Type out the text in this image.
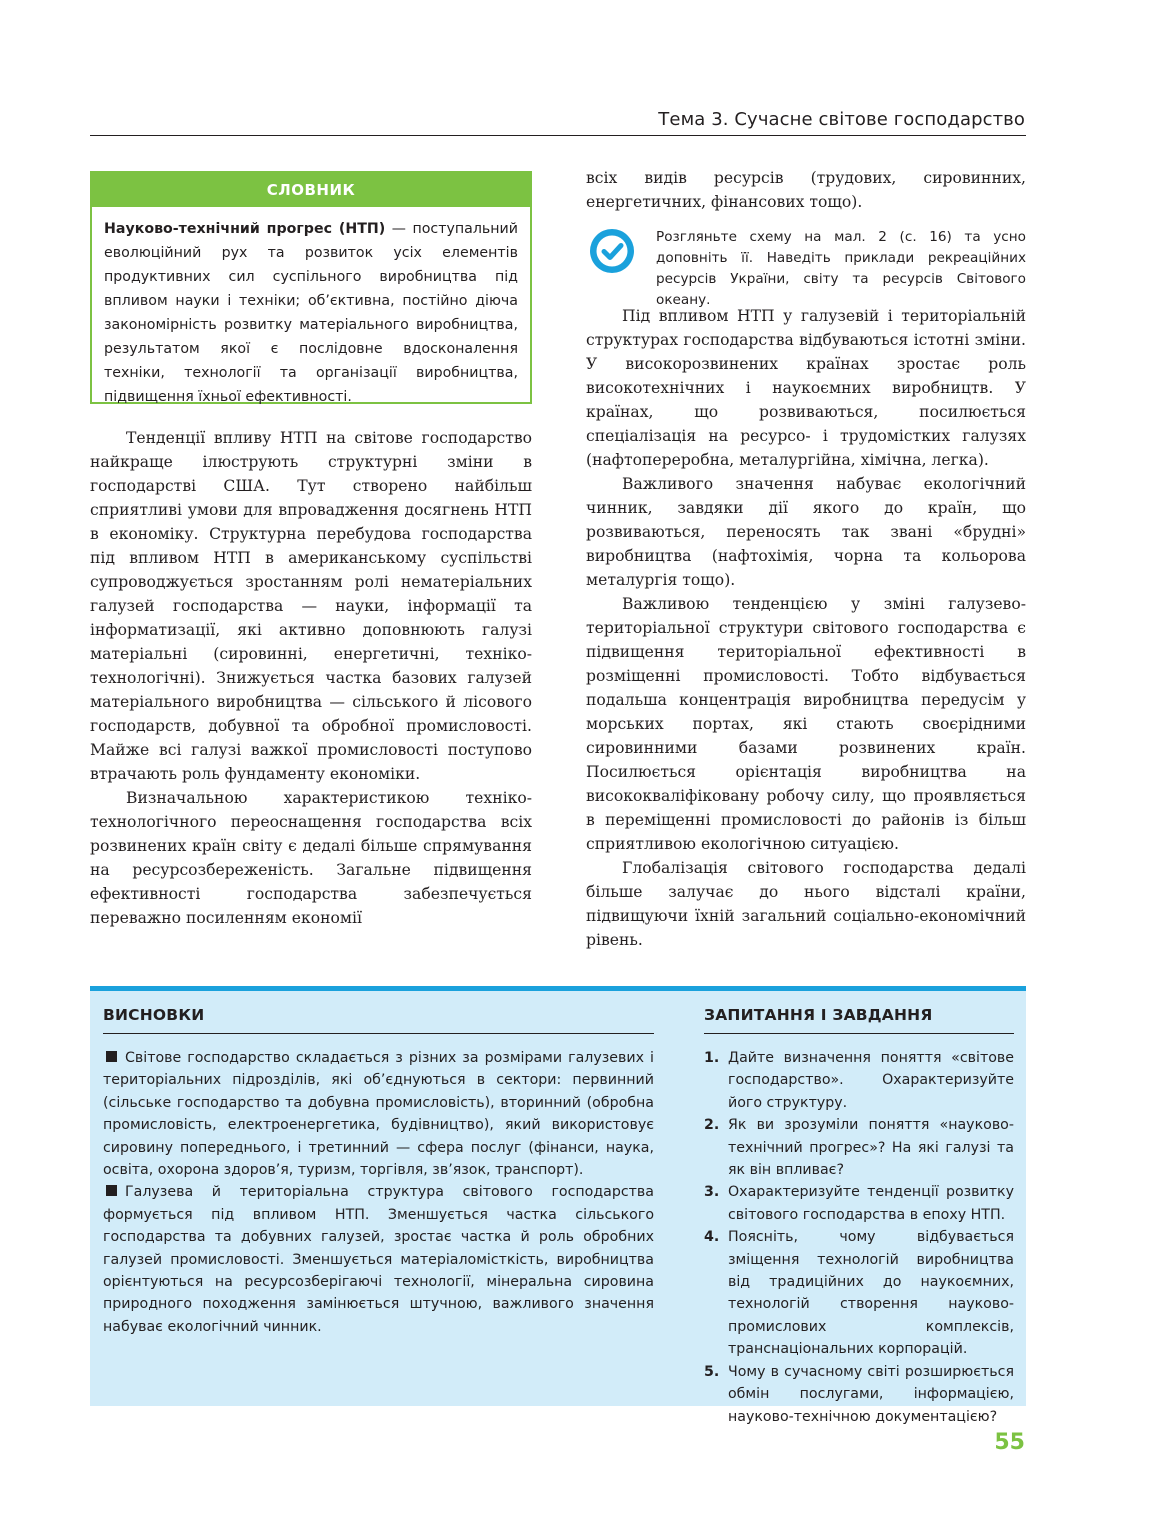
Тема 3. Сучасне світове господарство
СЛОВНИК
Науково-технічний прогрес (НТП) — поступальний еволюційний рух та розвиток усіх елементів продуктивних сил суспільного виробництва під впливом науки і техніки; об’єктивна, постійно діюча закономірність розвитку матеріального виробництва, результатом якої є послідовне вдосконалення техніки, технології та організації виробництва, підвищення їхньої ефективності.

Тенденції впливу НТП на світове господарство найкраще ілюструють структурні зміни в господарстві США. Тут створено найбільш сприятливі умови для впровадження досягнень НТП в економіку. Структурна перебудова господарства під впливом НТП в американському суспільстві супроводжується зростанням ролі нематеріальних галузей господарства — науки, інформації та інформатизації, які активно доповнюють галузі матеріальні (сировинні, енергетичні, техніко-технологічні). Знижується частка базових галузей матеріального виробництва — сільського й лісового господарств, добувної та обробної промисловості. Майже всі галузі важкої промисловості поступово втрачають роль фундаменту економіки.

Визначальною характеристикою техніко-технологічного переоснащення господарства всіх розвинених країн світу є дедалі більше спрямування на ресурсозбереженість. Загальне підвищення ефективності господарства забезпечується переважно посиленням економії

всіх видів ресурсів (трудових, сировинних, енергетичних, фінансових тощо).

Розгляньте схему на мал. 2 (с. 16) та усно доповніть її. Наведіть приклади рекреаційних ресурсів України, світу та ресурсів Світового океану.

Під впливом НТП у галузевій і територіальній структурах господарства відбуваються істотні зміни. У високорозвинених країнах зростає роль високотехнічних і наукоємних виробництв. У країнах, що розвиваються, посилюється спеціалізація на ресурсо- і трудомістких галузях (нафтопереробна, металургійна, хімічна, легка).

Важливого значення набуває екологічний чинник, завдяки дії якого до країн, що розвиваються, переносять так звані «брудні» виробництва (нафтохімія, чорна та кольорова металургія тощо).

Важливою тенденцією у зміні галузево-територіальної структури світового господарства є підвищення територіальної ефективності в розміщенні промисловості. Тобто відбувається подальша концентрація виробництва передусім у морських портах, які стають своєрідними сировинними базами розвинених країн. Посилюється орієнтація виробництва на висококваліфіковану робочу силу, що проявляється в переміщенні промисловості до районів із більш сприятливою екологічною ситуацією.

Глобалізація світового господарства дедалі більше залучає до нього відсталі країни, підвищуючи їхній загальний соціально-економічний рівень.

ВИСНОВКИ	ЗАПИТАННЯ І ЗАВДАННЯ

Світове господарство складається з різних за розмірами галузевих і територіальних підрозділів, які об’єднуються в сектори: первинний (сільське господарство та добувна промисловість), вторинний (обробна промисловість, електроенергетика, будівництво), який використовує сировину попереднього, і третинний — сфера послуг (фінанси, наука, освіта, охорона здоров’я, туризм, торгівля, зв’язок, транспорт).

Галузева й територіальна структура світового господарства формується під впливом НТП. Зменшується частка сільського господарства та добувних галузей, зростає частка й роль обробних галузей промисловості. Зменшується матеріаломісткість, виробництва орієнтуються на ресурсозберігаючі технології, мінеральна сировина природного походження замінюється штучною, важливого значення набуває екологічний чинник.

1. Дайте визначення поняття «світове господарство». Охарактеризуйте його структуру.
2. Як ви зрозуміли поняття «науково-технічний прогрес»? На які галузі та як він впливає?
3. Охарактеризуйте тенденції розвитку світового господарства в епоху НТП.
4. Поясніть, чому відбувається зміщення технологій виробництва від традиційних до наукоємних, технологій створення науково-промислових комплексів, транснаціональних корпорацій.
5. Чому в сучасному світі розширюється обмін послугами, інформацією, науково-технічною документацією?
55
